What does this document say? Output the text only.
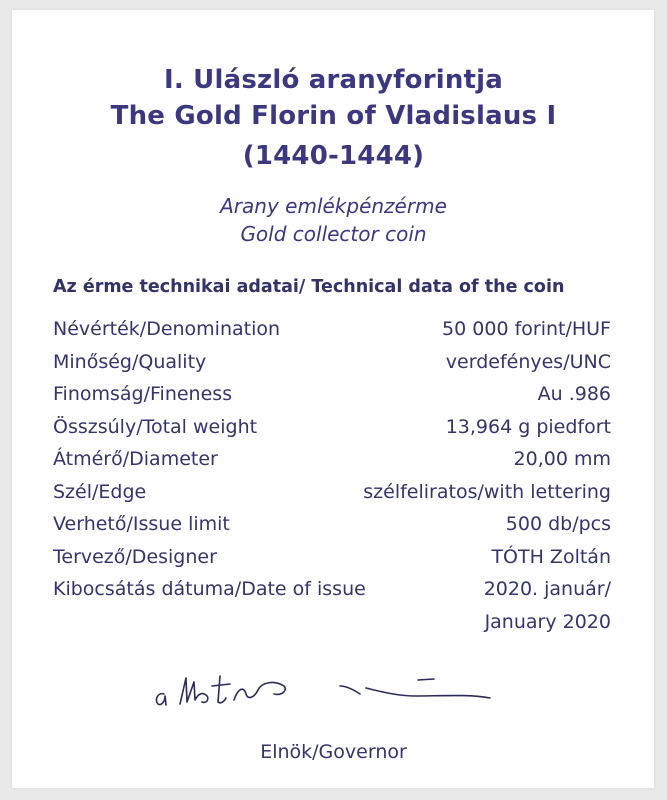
I. Ulászló aranyforintja
The Gold Florin of Vladislaus I
(1440-1444)
Arany emlékpénzérme
Gold collector coin
Az érme technikai adatai/ Technical data of the coin
Névérték/Denomination	50 000 forint/HUF
Minőség/Quality	verdefényes/UNC
Finomság/Fineness	Au .986
Összsúly/Total weight	13,964 g piedfort
Átmérő/Diameter	20,00 mm
Szél/Edge	szélfeliratos/with lettering
Verhető/Issue limit	500 db/pcs
Tervező/Designer	TÓTH Zoltán
Kibocsátás dátuma/Date of issue	2020. január/
January 2020
Elnök/Governor
